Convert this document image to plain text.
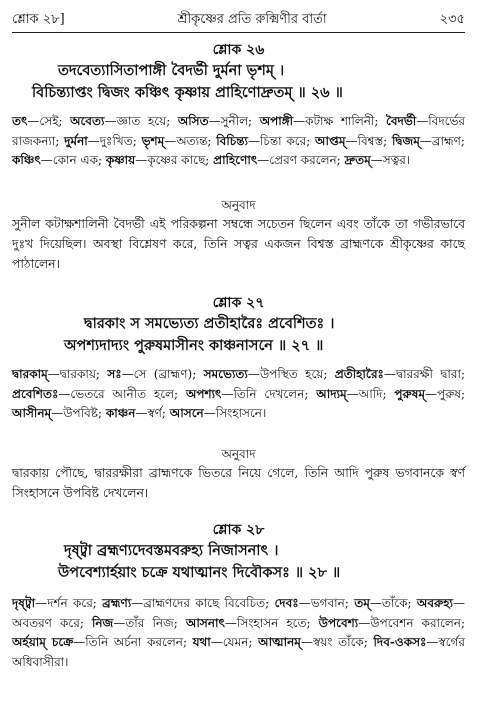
শ্লোক ২৮]	শ্রীকৃষ্ণের প্রতি রুক্মিণীর বার্তা	২৩৫
শ্লোক ২৬
তদবেত্যাসিতাপাঙ্গী বৈদর্ভী দুর্মনা ভৃশম্ ।
বিচিন্ত্যাপ্তং দ্বিজং কঞ্চিৎ কৃষ্ণায় প্রাহিণোদ্রুতম্ ॥ ২৬ ॥
তৎ—সেই; অবেত্য—জ্ঞাত হয়ে; অসিত—সুনীল; অপাঙ্গী—কটাক্ষ শালিনী; বৈদর্ভী—বিদর্ভের রাজকন্যা; দুর্মনা—দুঃখিত; ভৃশম্—অত্যন্ত; বিচিন্ত্য—চিন্তা করে; আপ্তম্—বিশ্বস্ত; দ্বিজম্—ব্রাহ্মণ; কঞ্চিৎ—কোন এক; কৃষ্ণায়—কৃষ্ণের কাছে; প্রাহিণোৎ—প্রেরণ করলেন; দ্রুতম্—সত্বর।
অনুবাদ
সুনীল কটাক্ষশালিনী বৈদর্ভী এই পরিকল্পনা সম্বন্ধে সচেতন ছিলেন এবং তাঁকে তা গভীরভাবে দুঃখ দিয়েছিল। অবস্থা বিশ্লেষণ করে, তিনি সত্বর একজন বিশ্বস্ত ব্রাহ্মণকে শ্রীকৃষ্ণের কাছে পাঠালেন।
শ্লোক ২৭
দ্বারকাং স সমভ্যেত্য প্রতীহারৈঃ প্রবেশিতঃ ।
অপশ্যদাদ্যং পুরুষমাসীনং কাঞ্চনাসনে ॥ ২৭ ॥
দ্বারকাম্—দ্বারকায়; সঃ—সে (ব্রাহ্মণ); সমভ্যেত্য—উপস্থিত হয়ে; প্রতীহারৈঃ—দ্বাররক্ষী দ্বারা; প্রবেশিতঃ—ভেতরে আনীত হলে; অপশ্যৎ—তিনি দেখলেন; আদ্যম্—আদি; পুরুষম্—পুরুষ; আসীনম্—উপবিষ্ট; কাঞ্চন—স্বর্ণ; আসনে—সিংহাসনে।
অনুবাদ
দ্বারকায় পৌছে, দ্বাররক্ষীরা ব্রাহ্মণকে ভিতরে নিয়ে গেলে, তিনি আদি পুরুষ ভগবানকে স্বর্ণ সিংহাসনে উপবিষ্ট দেখলেন।
শ্লোক ২৮
দৃষ্ট্বা ব্রহ্মণ্যদেবস্তমবরুহ্য নিজাসনাৎ ।
উপবেশ্যার্হয়াং চক্রে যথাত্মানং দিবৌকসঃ ॥ ২৮ ॥
দৃষ্ট্বা—দর্শন করে; ব্রহ্মণ্য—ব্রাহ্মণদের কাছে বিবেচিত; দেবঃ—ভগবান; তম্—তাঁকে; অবরুহ্য—অবতরণ করে; নিজ—তাঁর নিজ; আসনাৎ—সিংহাসন হতে; উপবেশ্য—উপবেশন করালেন; অর্হয়াম্ চক্রে—তিনি অর্চনা করলেন; যথা—যেমন; আত্মানম্—স্বয়ং তাঁকে; দিব-ওকসঃ—স্বর্গের অধিবাসীরা।
